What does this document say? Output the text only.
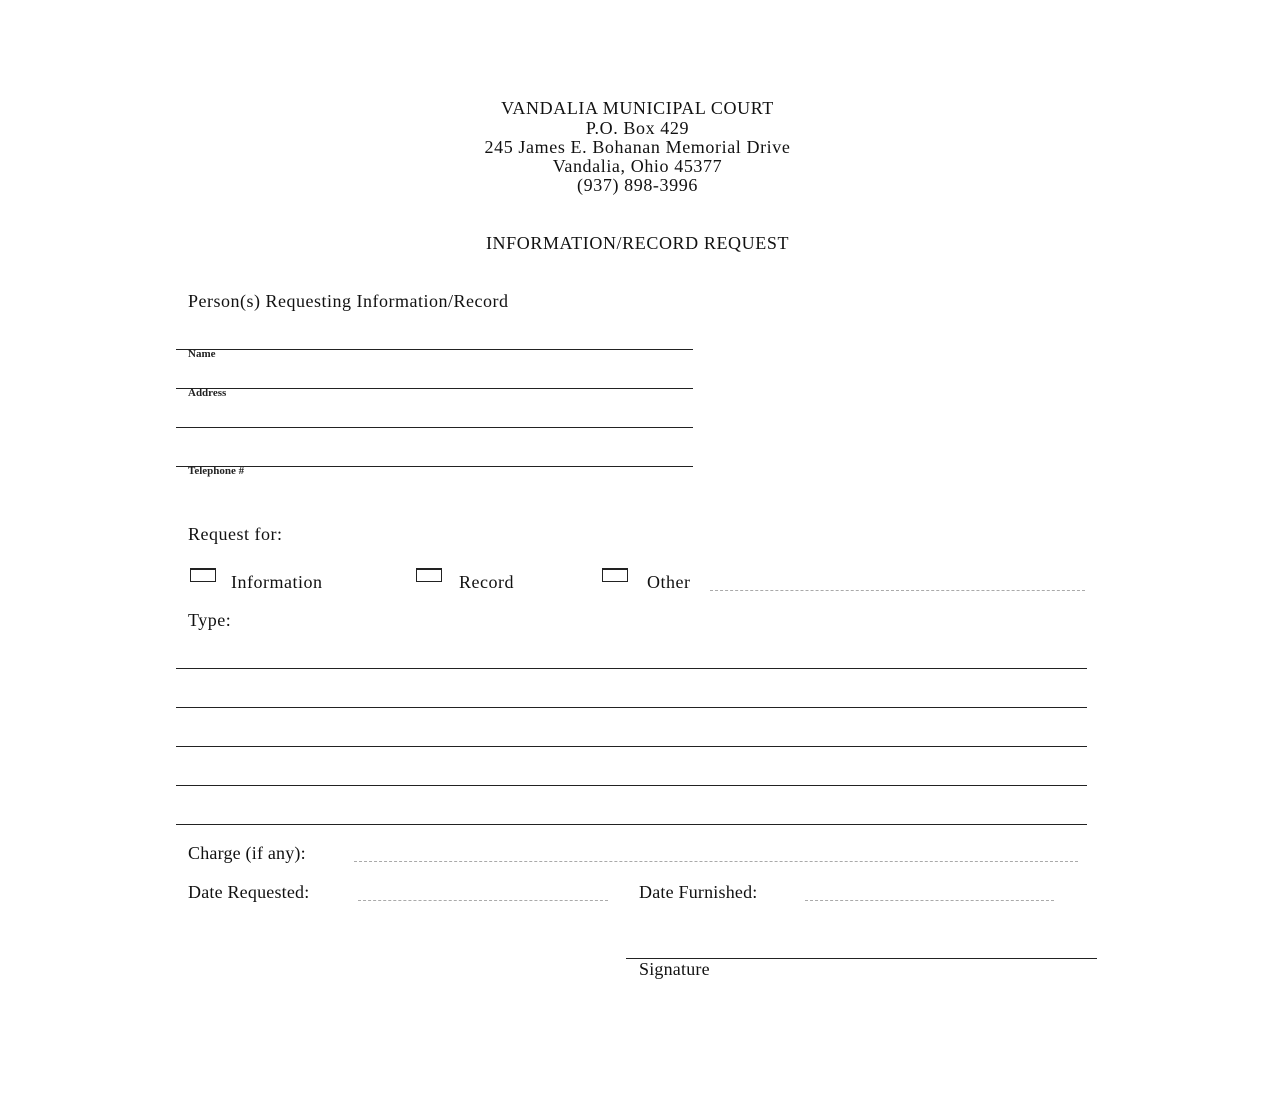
VANDALIA MUNICIPAL COURT
P.O. Box 429
245 James E. Bohanan Memorial Drive
Vandalia, Ohio 45377
(937) 898-3996
INFORMATION/RECORD REQUEST
Person(s) Requesting Information/Record
Name
Address
Telephone #
Request for:
Information	Record	Other
Type:
Charge (if any):
Date Requested:	Date Furnished:
Signature
